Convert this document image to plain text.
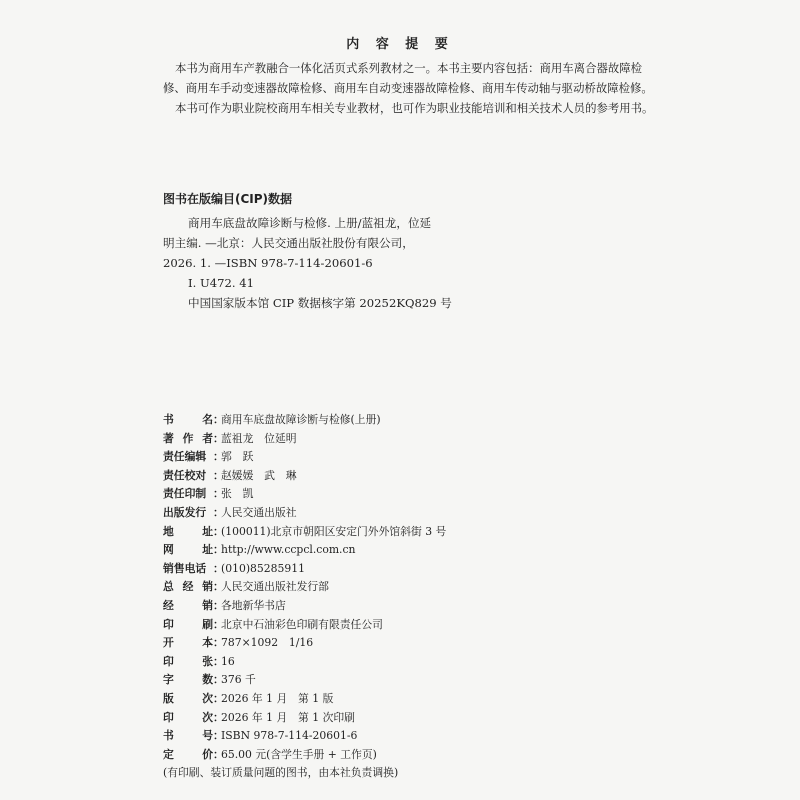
内 容 提 要
本书为商用车产教融合一体化活页式系列教材之一。本书主要内容包括：商用车离合器故障检
修、商用车手动变速器故障检修、商用车自动变速器故障检修、商用车传动轴与驱动桥故障检修。
本书可作为职业院校商用车相关专业教材，也可作为职业技能培训和相关技术人员的参考用书。
图书在版编目(CIP)数据
商用车底盘故障诊断与检修. 上册/蓝祖龙，位延
明主编. —北京：人民交通出版社股份有限公司，
2026. 1. —ISBN 978-7-114-20601-6
Ⅰ. U472. 41
中国国家版本馆 CIP 数据核字第 20252KQ829 号
书	名 ：
商用车底盘故障诊断与检修(上册)
著 作 者 ：
蓝祖龙　位延明
责任编辑 ：
郭　跃
责任校对 ：
赵媛媛　武　琳
责任印制 ：
张　凯
出版发行 ：
人民交通出版社
地	址 ：
(100011)北京市朝阳区安定门外外馆斜街 3 号
网	址 ：
http://www.ccpcl.com.cn
销售电话 ：
(010)85285911
总 经 销 ：
人民交通出版社发行部
经	销 ：
各地新华书店
印	刷 ：
北京中石油彩色印刷有限责任公司
开	本 ：
787×1092　1/16
印	张 ：
16
字	数 ：
376 千
版	次 ：
2026 年 1 月　第 1 版
印	次 ：
2026 年 1 月　第 1 次印刷
书	号 ：
ISBN 978-7-114-20601-6
定	价 ：
65.00 元(含学生手册 + 工作页)
(有印刷、装订质量问题的图书，由本社负责调换)
